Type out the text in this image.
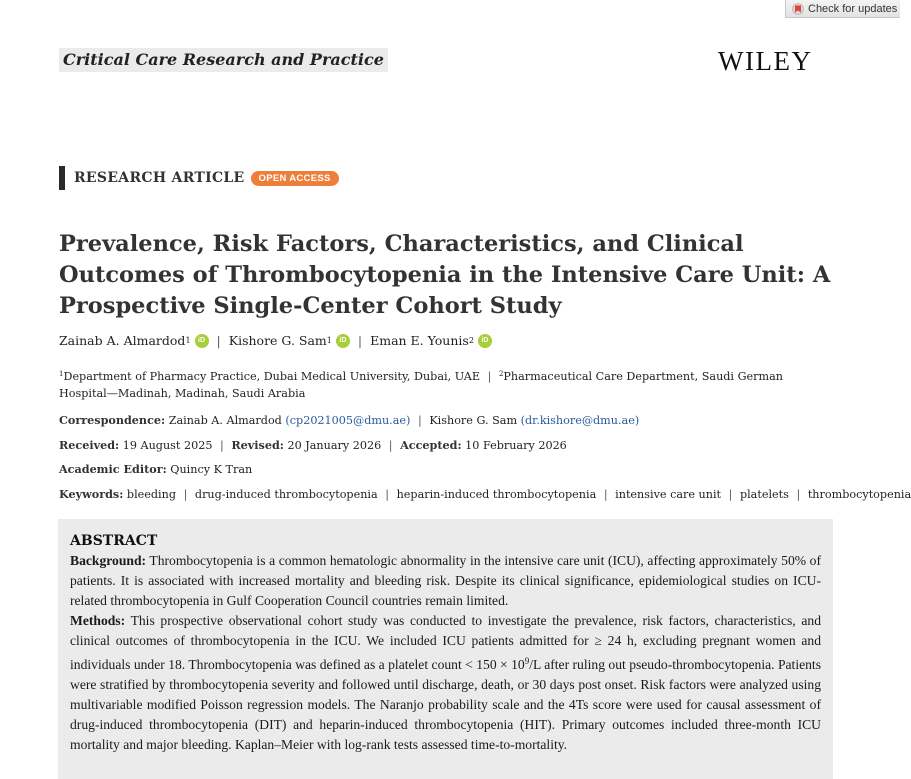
Check for updates
Critical Care Research and Practice	WILEY
RESEARCH ARTICLE	OPEN ACCESS
Prevalence, Risk Factors, Characteristics, and Clinical Outcomes of Thrombocytopenia in the Intensive Care Unit: A Prospective Single-Center Cohort Study
Zainab A. Almardod 1	iD | Kishore G. Sam 1	iD | Eman E. Younis 2	iD
$^1$Department of Pharmacy Practice, Dubai Medical University, Dubai, UAE | $^2$Pharmaceutical Care Department, Saudi German Hospital—Madinah, Madinah, Saudi Arabia
Correspondence: Zainab A. Almardod (cp2021005@dmu.ae) | Kishore G. Sam (dr.kishore@dmu.ae)
Received: 19 August 2025 | Revised: 20 January 2026 | Accepted: 10 February 2026
Academic Editor: Quincy K Tran
Keywords: bleeding | drug-induced thrombocytopenia | heparin-induced thrombocytopenia | intensive care unit | platelets | thrombocytopenia
ABSTRACT

Background: Thrombocytopenia is a common hematologic abnormality in the intensive care unit (ICU), affecting approximately 50% of patients. It is associated with increased mortality and bleeding risk. Despite its clinical significance, epidemiological studies on ICU-related thrombocytopenia in Gulf Cooperation Council countries remain limited.

Methods: This prospective observational cohort study was conducted to investigate the prevalence, risk factors, characteristics, and clinical outcomes of thrombocytopenia in the ICU. We included ICU patients admitted for ≥ 24 h, excluding pregnant women and individuals under 18. Thrombocytopenia was defined as a platelet count < $150 \times 10^9/L$ after ruling out pseudo-thrombocytopenia. Patients were stratified by thrombocytopenia severity and followed until discharge, death, or 30 days post onset. Risk factors were analyzed using multivariable modified Poisson regression models. The Naranjo probability scale and the 4Ts score were used for causal assessment of drug-induced thrombocytopenia (DIT) and heparin-induced thrombocytopenia (HIT). Primary outcomes included three-month ICU mortality and major bleeding. Kaplan–Meier with log-rank tests assessed time-to-mortality.
